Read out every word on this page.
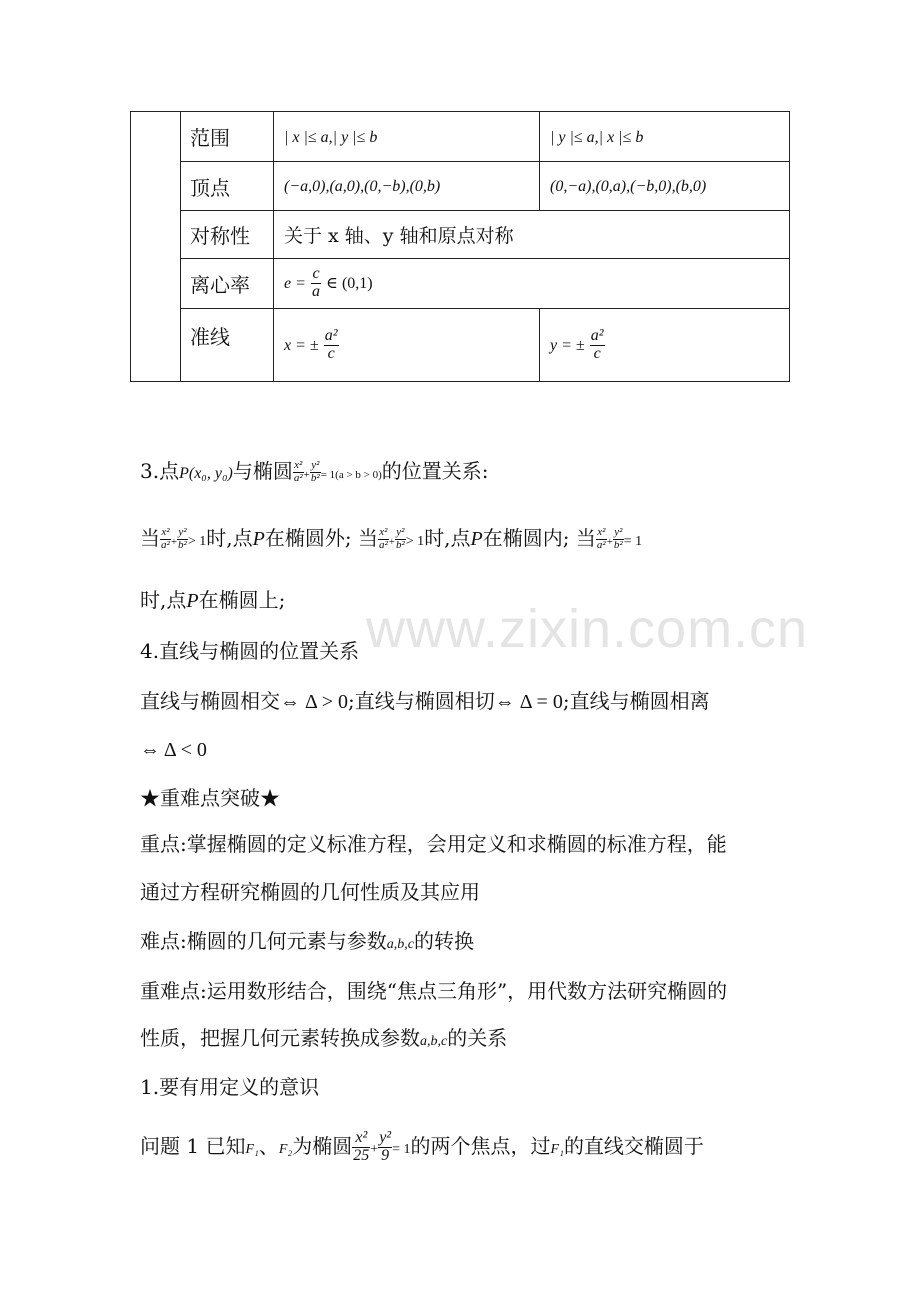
	范围	| x |≤ a,| y |≤ b	| y |≤ a,| x |≤ b
	顶点	(−a,0),(a,0),(0,−b),(0,b)	(0,−a),(0,a),(−b,0),(b,0)
	对称性	关于 x 轴、y 轴和原点对称	
	离心率	$e = \frac{c}{a}$ ∈ (0,1)	
	准线	x = ± $\frac{\text{a²}}{c}$	y = ± $\frac{\text{a²}}{c}$
www.zixin.com.cn
3.点P(x₀, y₀)与椭圆 $\frac{\text{x²}}{\text{a²}} + \frac{\text{y²}}{\text{b²}} = 1(a > b > 0)$的位置关系:
当 $\frac{\text{x²}}{\text{a²}} + \frac{\text{y²}}{\text{b²}} > 1$时,点P在椭圆外; 当 $\frac{\text{x²}}{\text{a²}} + \frac{\text{y²}}{\text{b²}} > 1$时,点P在椭圆内; 当 $\frac{\text{x²}}{\text{a²}} + \frac{\text{y²}}{\text{b²}} = 1$
时,点P在椭圆上;
4.直线与椭圆的位置关系
直线与椭圆相交⇔ Δ > 0;直线与椭圆相切⇔ Δ = 0;直线与椭圆相离
⇔ Δ < 0
★重难点突破★
重点:掌握椭圆的定义标准方程，会用定义和求椭圆的标准方程，能
通过方程研究椭圆的几何性质及其应用
难点:椭圆的几何元素与参数a,b,c的转换
重难点:运用数形结合，围绕“焦点三角形”，用代数方法研究椭圆的
性质，把握几何元素转换成参数a,b,c的关系
1.要有用定义的意识
问题 1 已知F₁、F₂为椭圆 $\frac{\text{x²}}{25} + \frac{\text{y²}}{9} = 1$的两个焦点，过F₁的直线交椭圆于
